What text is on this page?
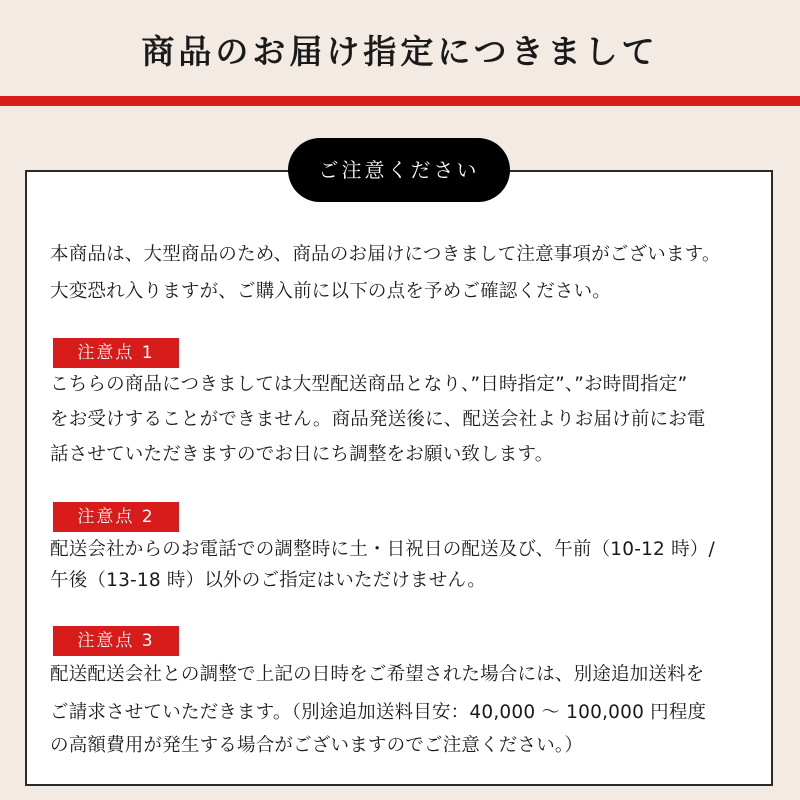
商品のお届け指定につきまして
ご注意ください
本商品は、大型商品のため、商品のお届けにつきまして注意事項がございます。
大変恐れ入りますが、ご購入前に以下の点を予めご確認ください。
注意点 1
こちらの商品につきましては大型配送商品となり、”日時指定”、”お時間指定”
をお受けすることができません。商品発送後に、配送会社よりお届け前にお電
話させていただきますのでお日にち調整をお願い致します。
注意点 2
配送会社からのお電話での調整時に土・日祝日の配送及び、午前（10-12 時）/
午後（13-18 時）以外のご指定はいただけません。
注意点 3
配送配送会社との調整で上記の日時をご希望された場合には、別途追加送料を
ご請求させていただきます。（別途追加送料目安：40,000 ～ 100,000 円程度
の高額費用が発生する場合がございますのでご注意ください。）
